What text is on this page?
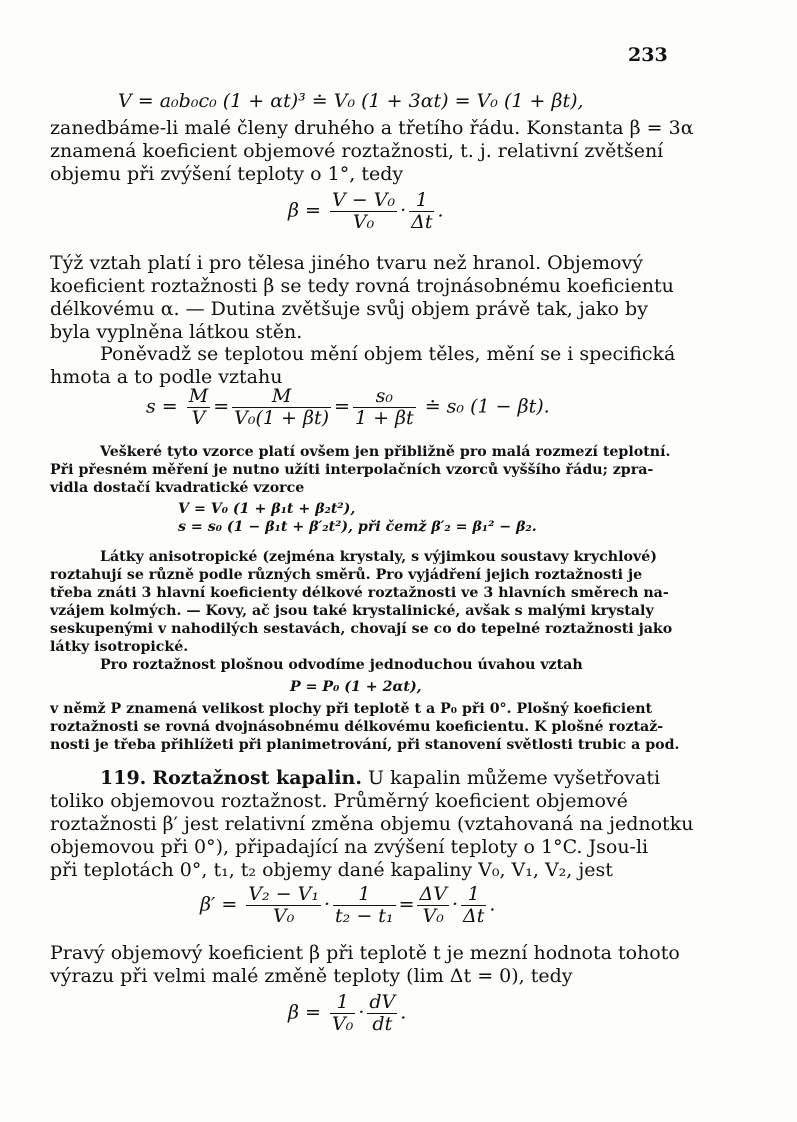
233
V = a₀b₀c₀ (1 + αt)³ ≐ V₀ (1 + 3αt) = V₀ (1 + βt),
zanedbáme-li malé členy druhého a třetího řádu. Konstanta β = 3α
znamená koeficient objemové roztažnosti, t. j. relativní zvětšení
objemu při zvýšení teploty o 1°, tedy
$\beta = \frac{\text{V − V₀}}{\text{V₀}} \cdot \frac{1}{\Delta t}$ .
Týž vztah platí i pro tělesa jiného tvaru než hranol. Objemový
koeficient roztažnosti β se tedy rovná trojnásobnému koeficientu
délkovému α. — Dutina zvětšuje svůj objem právě tak, jako by
byla vyplněna látkou stěn.
Poněvadž se teplotou mění objem těles, mění se i specifická
hmota a to podle vztahu
$s = \frac{M}{V} = \frac{M}{\text{V₀(1 + βt)}} = \frac{\text{s₀}}{1 + \beta t}$ ≐ s₀ (1 − βt).
Veškeré tyto vzorce platí ovšem jen přibližně pro malá rozmezí teplotní.
Při přesném měření je nutno užíti interpolačních vzorců vyššího řádu; zpra-
vidla dostačí kvadratické vzorce
V = V₀ (1 + β₁t + β₂t²),
s = s₀ (1 − β₁t + β′₂t²), při čemž β′₂ = β₁² − β₂.
Látky anisotropické (zejména krystaly, s výjimkou soustavy krychlové)
roztahují se různě podle různých směrů. Pro vyjádření jejich roztažnosti je
třeba znáti 3 hlavní koeficienty délkové roztažnosti ve 3 hlavních směrech na-
vzájem kolmých. — Kovy, ač jsou také krystalinické, avšak s malými krystaly
seskupenými v nahodilých sestavách, chovají se co do tepelné roztažnosti jako
látky isotropické.
Pro roztažnost plošnou odvodíme jednoduchou úvahou vztah
P = P₀ (1 + 2αt),
v němž P znamená velikost plochy při teplotě t a P₀ při 0°. Plošný koeficient
roztažnosti se rovná dvojnásobnému délkovému koeficientu. K plošné roztaž-
nosti je třeba přihlížeti při planimetrování, při stanovení světlosti trubic a pod.
119. Roztažnost kapalin. U kapalin můžeme vyšetřovati
toliko objemovou roztažnost. Průměrný koeficient objemové
roztažnosti β′ jest relativní změna objemu (vztahovaná na jednotku
objemovou při 0°), připadající na zvýšení teploty o 1°C. Jsou-li
při teplotách 0°, t₁, t₂ objemy dané kapaliny V₀, V₁, V₂, jest
$\beta' = \frac{\text{V₂ − V₁}}{\text{V₀}} \cdot \frac{1}{\text{t₂ − t₁}} = \frac{\Delta V}{\text{V₀}} \cdot \frac{1}{\Delta t}$ .
Pravý objemový koeficient β při teplotě t je mezní hodnota tohoto
výrazu při velmi malé změně teploty (lim Δt = 0), tedy
$\beta = \frac{1}{\text{V₀}} \cdot \frac{dV}{dt}$ .
